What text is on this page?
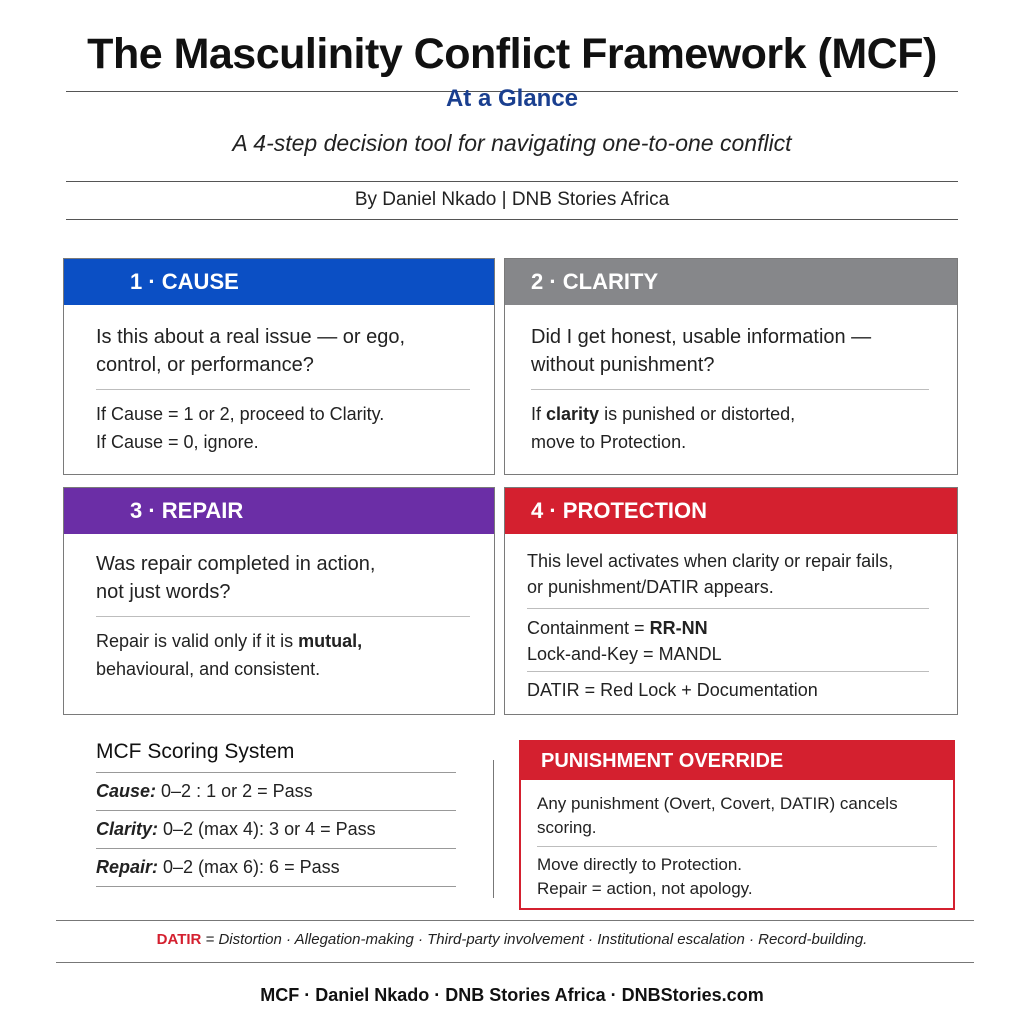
The Masculinity Conflict Framework (MCF)
At a Glance
A 4-step decision tool for navigating one-to-one conflict
By Daniel Nkado | DNB Stories Africa
1 · CAUSE
Is this about a real issue — or ego,
control, or performance?
If Cause = 1 or 2, proceed to Clarity.
If Cause = 0, ignore.
2 · CLARITY
Did I get honest, usable information —
without punishment?
If clarity is punished or distorted,
move to Protection.
3 · REPAIR
Was repair completed in action,
not just words?
Repair is valid only if it is mutual,
behavioural, and consistent.
4 · PROTECTION
This level activates when clarity or repair fails,
or punishment/DATIR appears.
Containment = RR-NN
Lock-and-Key = MANDL
DATIR = Red Lock + Documentation
MCF Scoring System
Cause: 0–2 : 1 or 2 = Pass
Clarity: 0–2 (max 4): 3 or 4 = Pass
Repair: 0–2 (max 6): 6 = Pass
PUNISHMENT OVERRIDE
Any punishment (Overt, Covert, DATIR) cancels
scoring.
Move directly to Protection.
Repair = action, not apology.
DATIR = Distortion · Allegation-making · Third-party involvement · Institutional escalation · Record-building.
MCF · Daniel Nkado · DNB Stories Africa · DNBStories.com
